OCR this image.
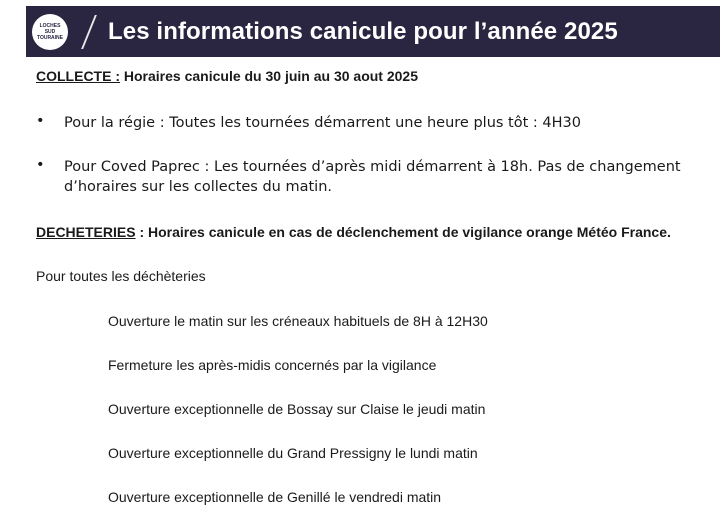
LOCHES
SUD
TOURAINE Les informations canicule pour l’année 2025
COLLECTE : Horaires canicule du 30 juin au 30 aout 2025
• Pour la régie : Toutes les tournées démarrent une heure plus tôt : 4H30
• Pour Coved Paprec : Les tournées d’après midi démarrent à 18h. Pas de changement
d’horaires sur les collectes du matin.
DECHETERIES : Horaires canicule en cas de déclenchement de vigilance orange Météo France.
Pour toutes les déchèteries
Ouverture le matin sur les créneaux habituels de 8H à 12H30
Fermeture les après-midis concernés par la vigilance
Ouverture exceptionnelle de Bossay sur Claise le jeudi matin
Ouverture exceptionnelle du Grand Pressigny le lundi matin
Ouverture exceptionnelle de Genillé le vendredi matin
